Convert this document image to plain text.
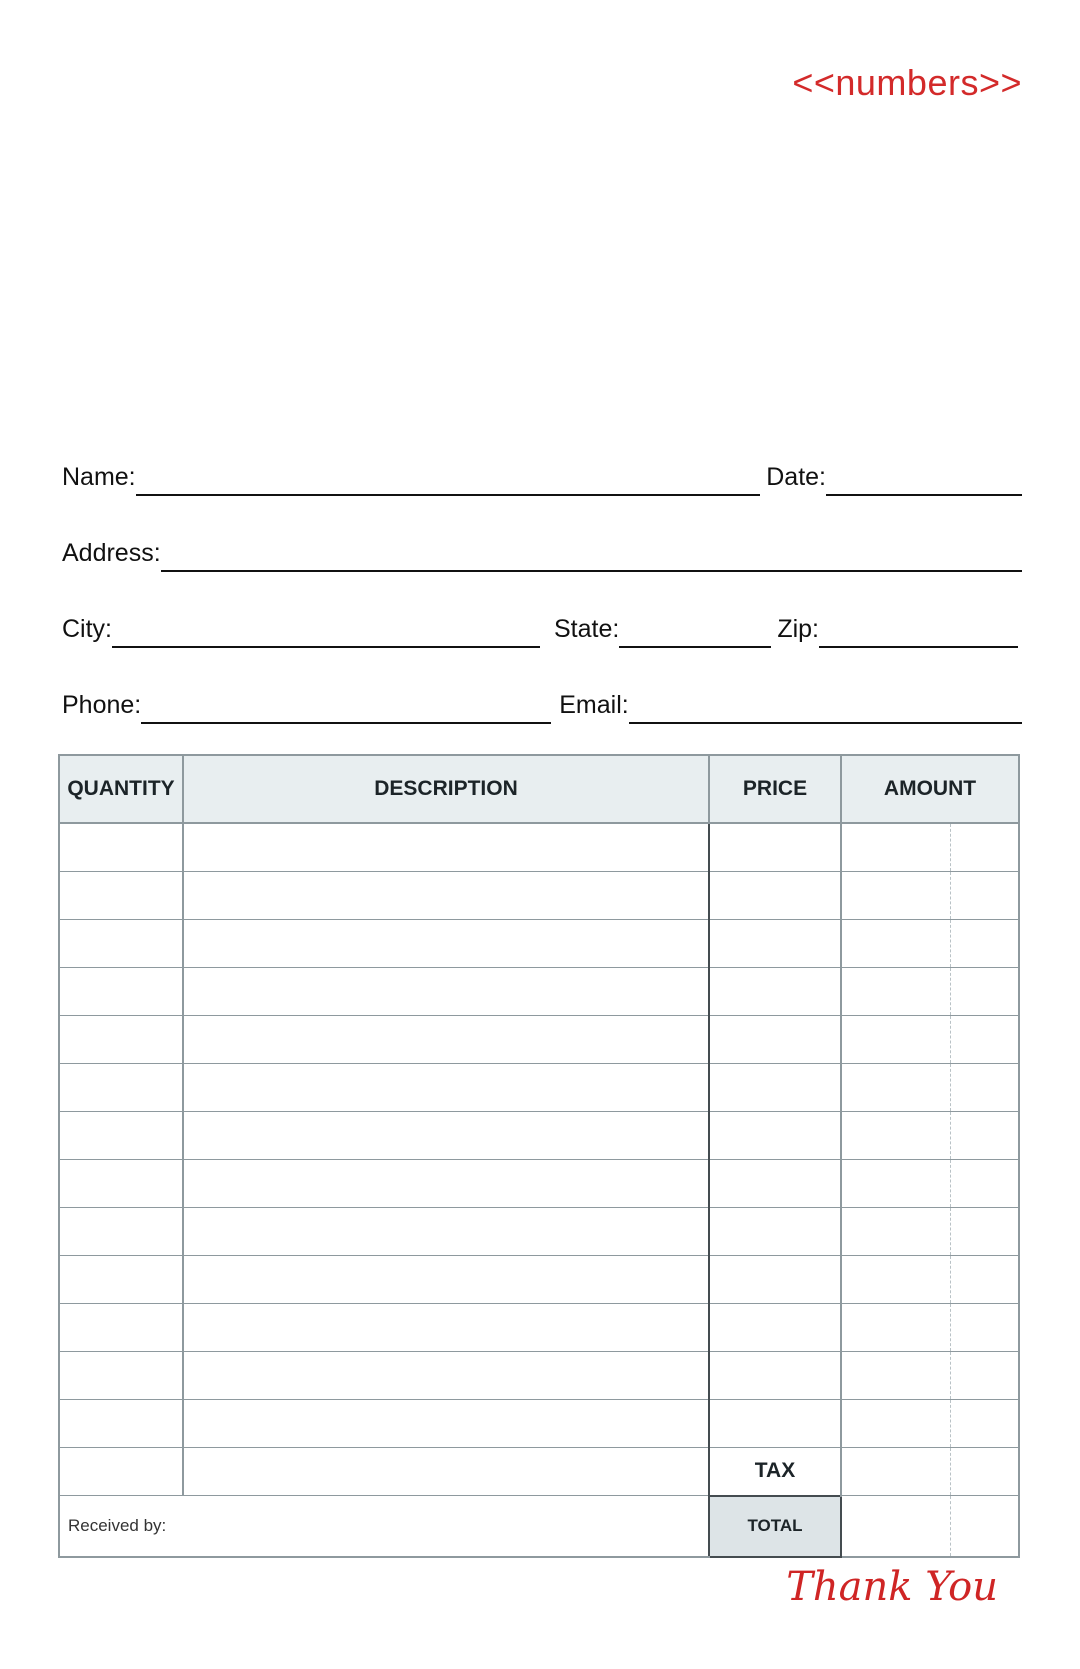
<<numbers>>
Name:	Date:
Address:
City:	State:	Zip:
Phone:	Email:
QUANTITY	DESCRIPTION	PRICE	AMOUNT

		TAX	
Received by:		TOTAL	
Thank You
